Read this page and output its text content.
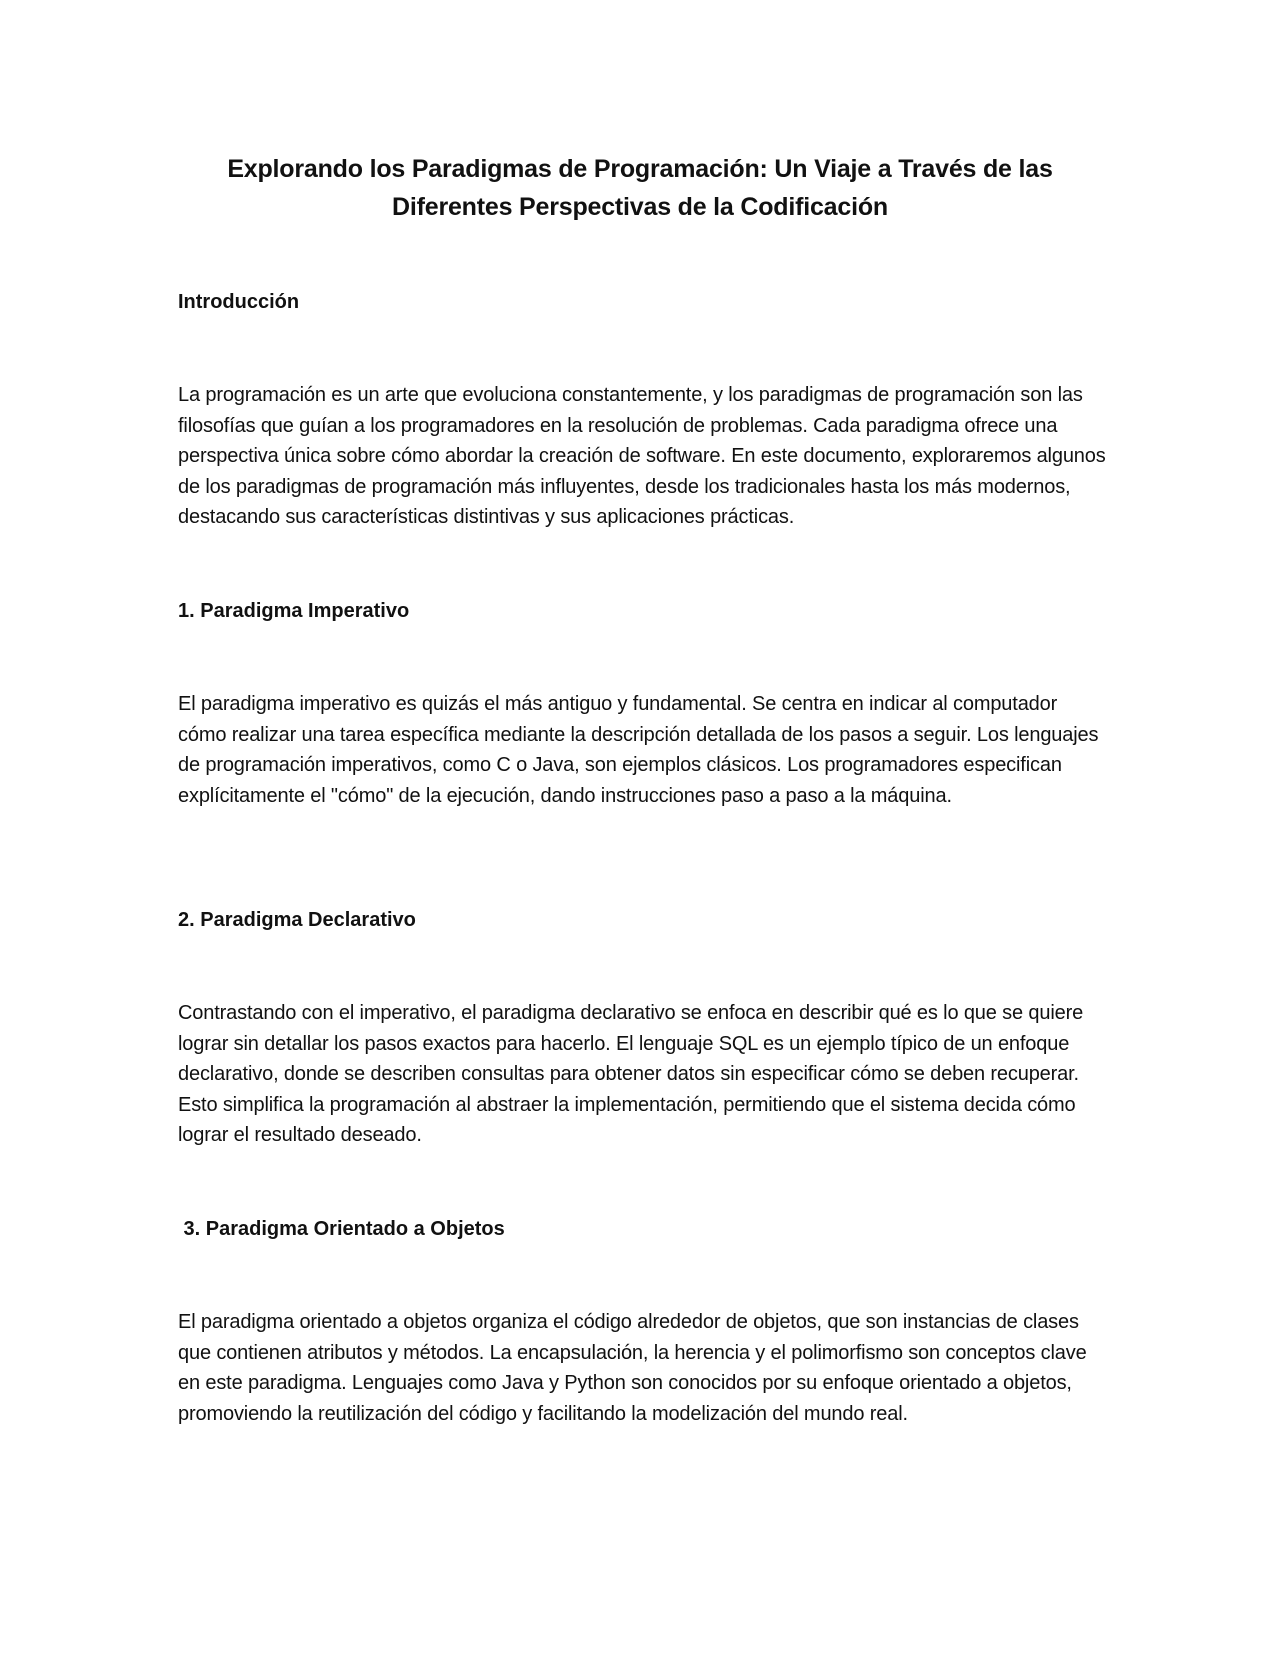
Explorando los Paradigmas de Programación: Un Viaje a Través de las Diferentes Perspectivas de la Codificación
Introducción

La programación es un arte que evoluciona constantemente, y los paradigmas de programación son las filosofías que guían a los programadores en la resolución de problemas. Cada paradigma ofrece una perspectiva única sobre cómo abordar la creación de software. En este documento, exploraremos algunos de los paradigmas de programación más influyentes, desde los tradicionales hasta los más modernos, destacando sus características distintivas y sus aplicaciones prácticas.

1. Paradigma Imperativo

El paradigma imperativo es quizás el más antiguo y fundamental. Se centra en indicar al computador cómo realizar una tarea específica mediante la descripción detallada de los pasos a seguir. Los lenguajes de programación imperativos, como C o Java, son ejemplos clásicos. Los programadores especifican explícitamente el "cómo" de la ejecución, dando instrucciones paso a paso a la máquina.

2. Paradigma Declarativo

Contrastando con el imperativo, el paradigma declarativo se enfoca en describir qué es lo que se quiere lograr sin detallar los pasos exactos para hacerlo. El lenguaje SQL es un ejemplo típico de un enfoque declarativo, donde se describen consultas para obtener datos sin especificar cómo se deben recuperar. Esto simplifica la programación al abstraer la implementación, permitiendo que el sistema decida cómo lograr el resultado deseado.

3. Paradigma Orientado a Objetos

El paradigma orientado a objetos organiza el código alrededor de objetos, que son instancias de clases que contienen atributos y métodos. La encapsulación, la herencia y el polimorfismo son conceptos clave en este paradigma. Lenguajes como Java y Python son conocidos por su enfoque orientado a objetos, promoviendo la reutilización del código y facilitando la modelización del mundo real.
